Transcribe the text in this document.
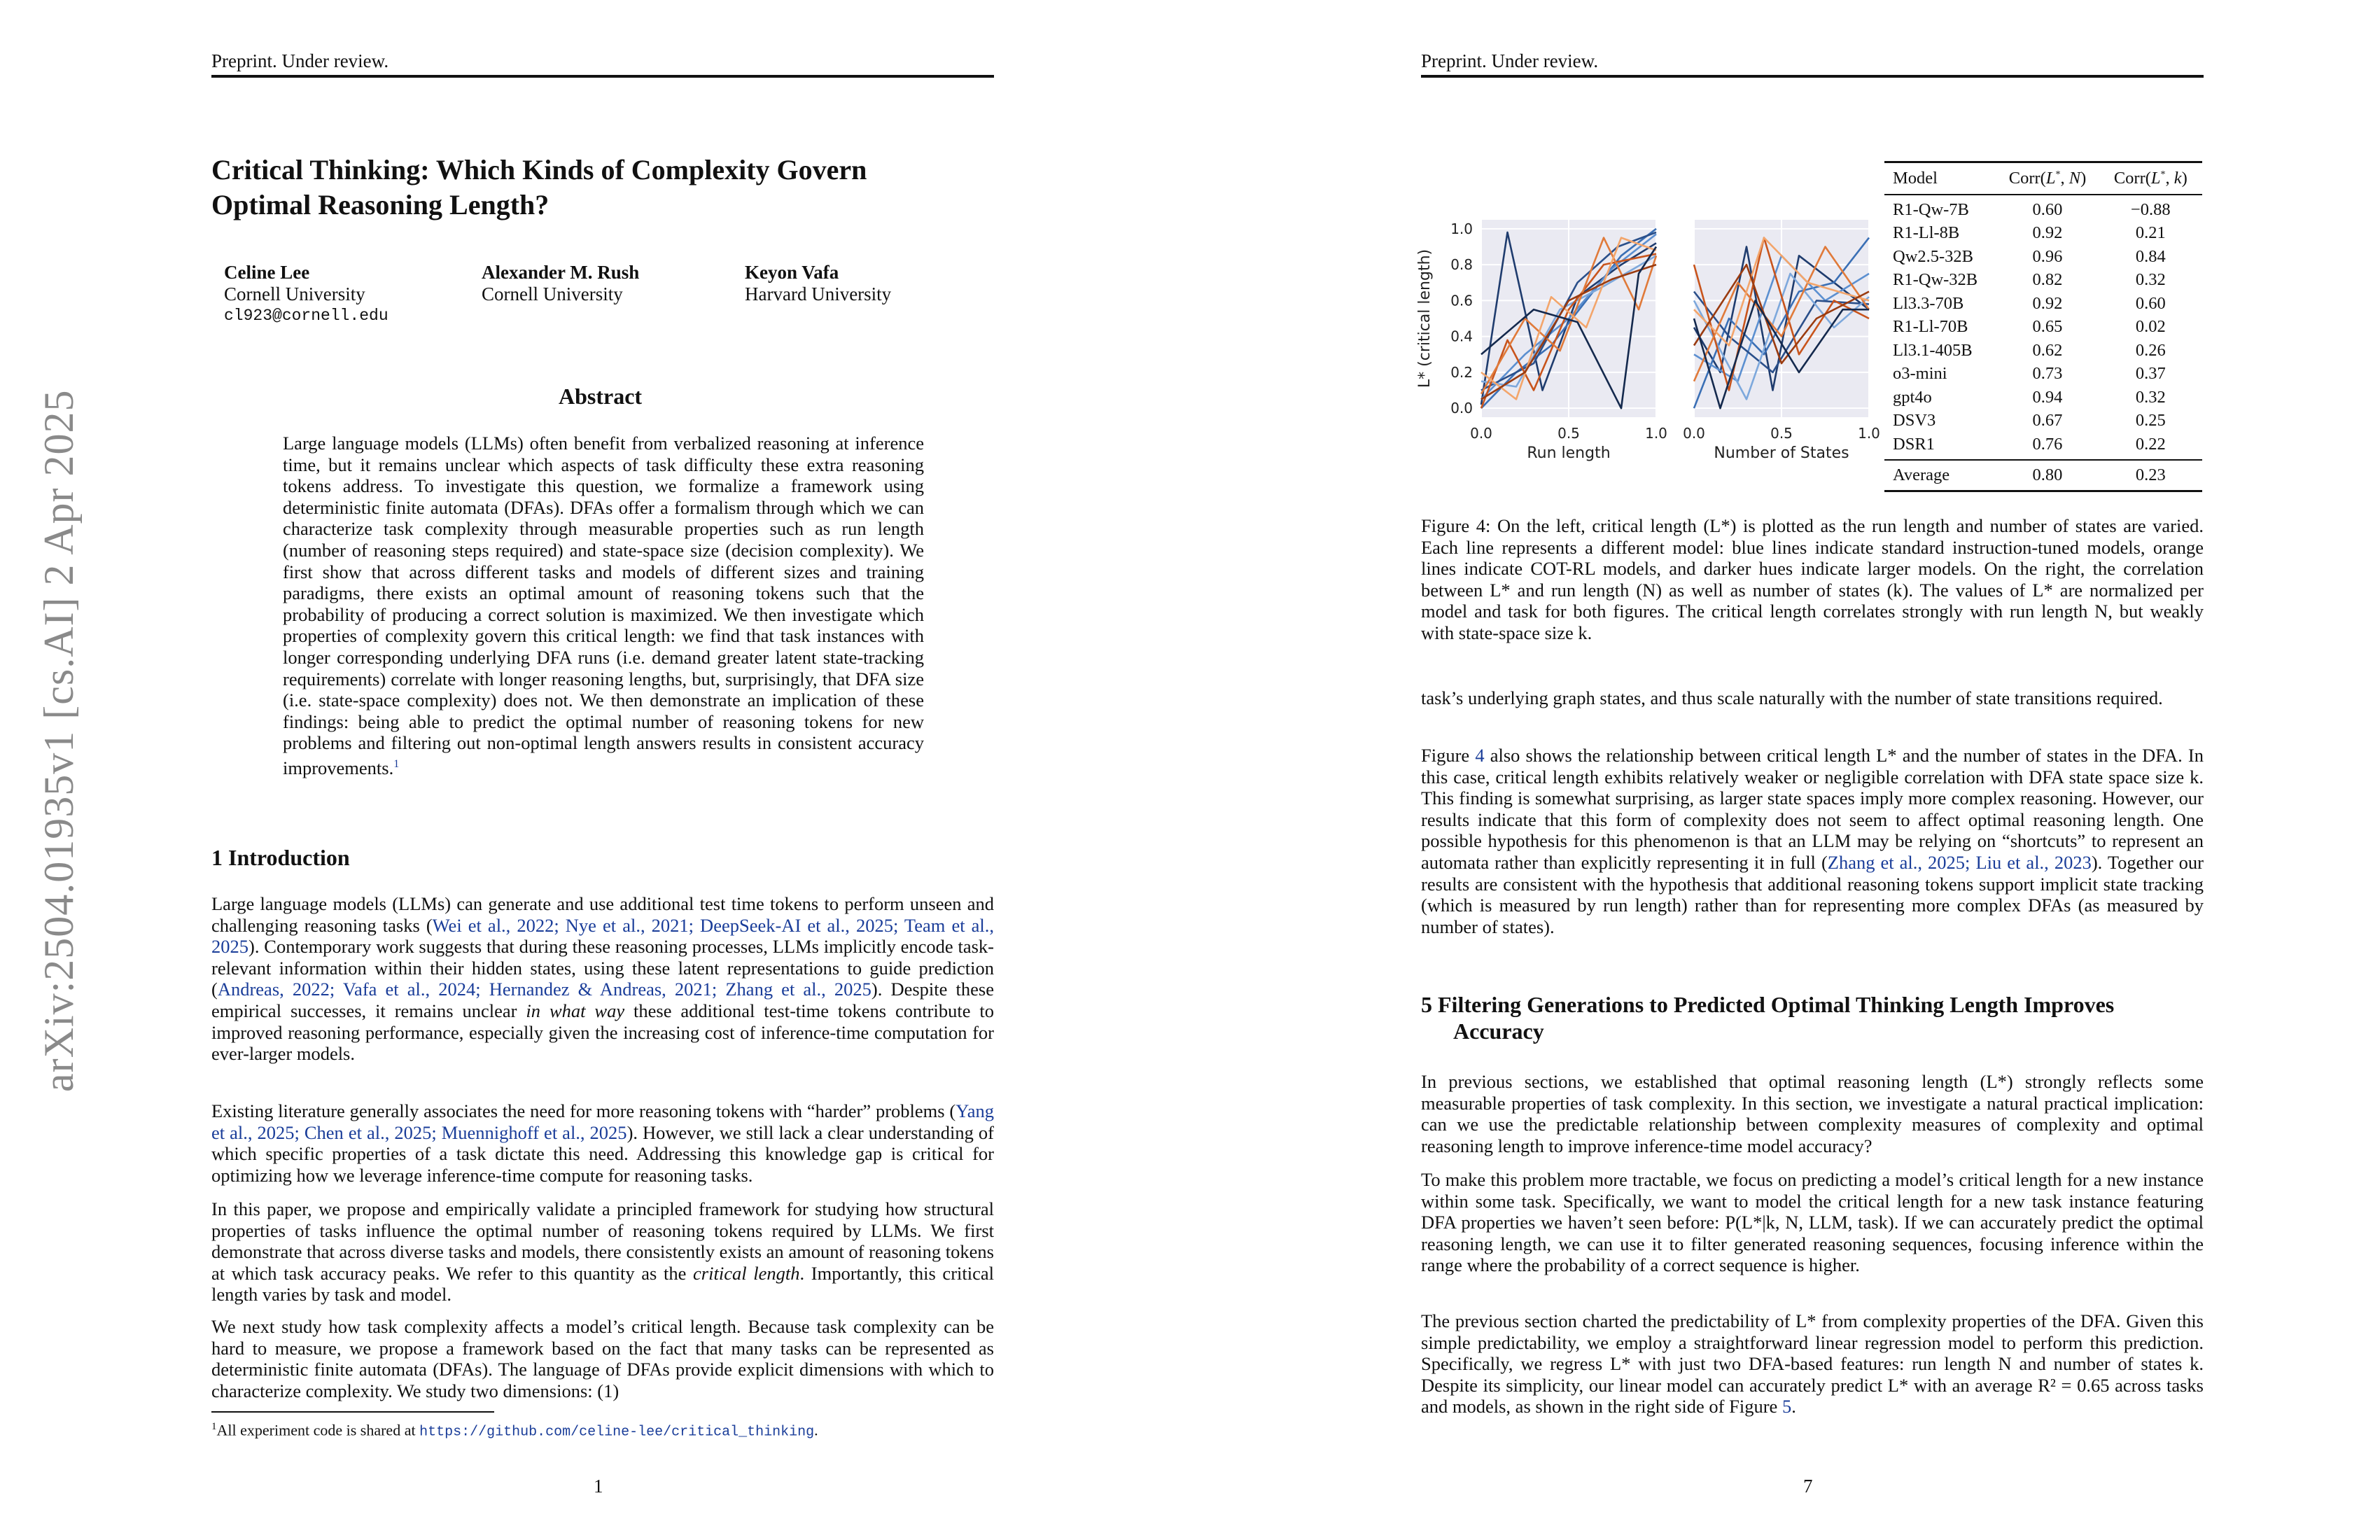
arXiv:2504.01935v1 [cs.AI] 2 Apr 2025
Preprint. Under review.
Critical Thinking: Which Kinds of Complexity Govern
Optimal Reasoning Length?
Celine Lee
Cornell University
cl923@cornell.edu
Alexander M. Rush
Cornell University
Keyon Vafa
Harvard University
Abstract
Large language models (LLMs) often benefit from verbalized reasoning at inference time, but it remains unclear which aspects of task difficulty these extra reasoning tokens address. To investigate this question, we formalize a framework using deterministic finite automata (DFAs). DFAs offer a formalism through which we can characterize task complexity through measurable properties such as run length (number of reasoning steps required) and state-space size (decision complexity). We first show that across different tasks and models of different sizes and training paradigms, there exists an optimal amount of reasoning tokens such that the probability of producing a correct solution is maximized. We then investigate which properties of complexity govern this critical length: we find that task instances with longer corresponding underlying DFA runs (i.e. demand greater latent state-tracking requirements) correlate with longer reasoning lengths, but, surprisingly, that DFA size (i.e. state-space complexity) does not. We then demonstrate an implication of these findings: being able to predict the optimal number of reasoning tokens for new problems and filtering out non-optimal length answers results in consistent accuracy improvements.$^1$
1 Introduction
Large language models (LLMs) can generate and use additional test time tokens to perform unseen and challenging reasoning tasks (Wei et al., 2022; Nye et al., 2021; DeepSeek-AI et al., 2025; Team et al., 2025). Contemporary work suggests that during these reasoning processes, LLMs implicitly encode task-relevant information within their hidden states, using these latent representations to guide prediction (Andreas, 2022; Vafa et al., 2024; Hernandez & Andreas, 2021; Zhang et al., 2025). Despite these empirical successes, it remains unclear in what way these additional test-time tokens contribute to improved reasoning performance, especially given the increasing cost of inference-time computation for ever-larger models.
Existing literature generally associates the need for more reasoning tokens with “harder” problems (Yang et al., 2025; Chen et al., 2025; Muennighoff et al., 2025). However, we still lack a clear understanding of which specific properties of a task dictate this need. Addressing this knowledge gap is critical for optimizing how we leverage inference-time compute for reasoning tasks.
In this paper, we propose and empirically validate a principled framework for studying how structural properties of tasks influence the optimal number of reasoning tokens required by LLMs. We first demonstrate that across diverse tasks and models, there consistently exists an amount of reasoning tokens at which task accuracy peaks. We refer to this quantity as the critical length. Importantly, this critical length varies by task and model.
We next study how task complexity affects a model’s critical length. Because task complexity can be hard to measure, we propose a framework based on the fact that many tasks can be represented as deterministic finite automata (DFAs). The language of DFAs provide explicit dimensions with which to characterize complexity. We study two dimensions: (1)
$^1$All experiment code is shared at https://github.com/celine-lee/critical_thinking.
1
Preprint. Under review.
0.0	0.5	1.0
0.0
0.2
0.4
0.6
0.8
1.0
Run length
L* (critical length)
0.0	0.5	1.0
Number of States
Model	Corr(L*, N)	Corr(L*, k)
R1-Qw-7B	0.60	−0.88
R1-Ll-8B	0.92	0.21
Qw2.5-32B	0.96	0.84
R1-Qw-32B	0.82	0.32
Ll3.3-70B	0.92	0.60
R1-Ll-70B	0.65	0.02
Ll3.1-405B	0.62	0.26
o3-mini	0.73	0.37
gpt4o	0.94	0.32
DSV3	0.67	0.25
DSR1	0.76	0.22
Average	0.80	0.23
Figure 4: On the left, critical length (L*) is plotted as the run length and number of states are varied. Each line represents a different model: blue lines indicate standard instruction-tuned models, orange lines indicate COT-RL models, and darker hues indicate larger models. On the right, the correlation between L* and run length (N) as well as number of states (k). The values of L* are normalized per model and task for both figures. The critical length correlates strongly with run length N, but weakly with state-space size k.
task’s underlying graph states, and thus scale naturally with the number of state transitions required.
Figure 4 also shows the relationship between critical length L* and the number of states in the DFA. In this case, critical length exhibits relatively weaker or negligible correlation with DFA state space size k. This finding is somewhat surprising, as larger state spaces imply more complex reasoning. However, our results indicate that this form of complexity does not seem to affect optimal reasoning length. One possible hypothesis for this phenomenon is that an LLM may be relying on “shortcuts” to represent an automata rather than explicitly representing it in full (Zhang et al., 2025; Liu et al., 2023). Together our results are consistent with the hypothesis that additional reasoning tokens support implicit state tracking (which is measured by run length) rather than for representing more complex DFAs (as measured by number of states).
5 Filtering Generations to Predicted Optimal Thinking Length Improves
Accuracy
In previous sections, we established that optimal reasoning length (L*) strongly reflects some measurable properties of task complexity. In this section, we investigate a natural practical implication: can we use the predictable relationship between complexity measures of complexity and optimal reasoning length to improve inference-time model accuracy?
To make this problem more tractable, we focus on predicting a model’s critical length for a new instance within some task. Specifically, we want to model the critical length for a new task instance featuring DFA properties we haven’t seen before: P(L*|k, N, LLM, task). If we can accurately predict the optimal reasoning length, we can use it to filter generated reasoning sequences, focusing inference within the range where the probability of a correct sequence is higher.
The previous section charted the predictability of L* from complexity properties of the DFA. Given this simple predictability, we employ a straightforward linear regression model to perform this prediction. Specifically, we regress L* with just two DFA-based features: run length N and number of states k. Despite its simplicity, our linear model can accurately predict L* with an average R² = 0.65 across tasks and models, as shown in the right side of Figure 5.
7
